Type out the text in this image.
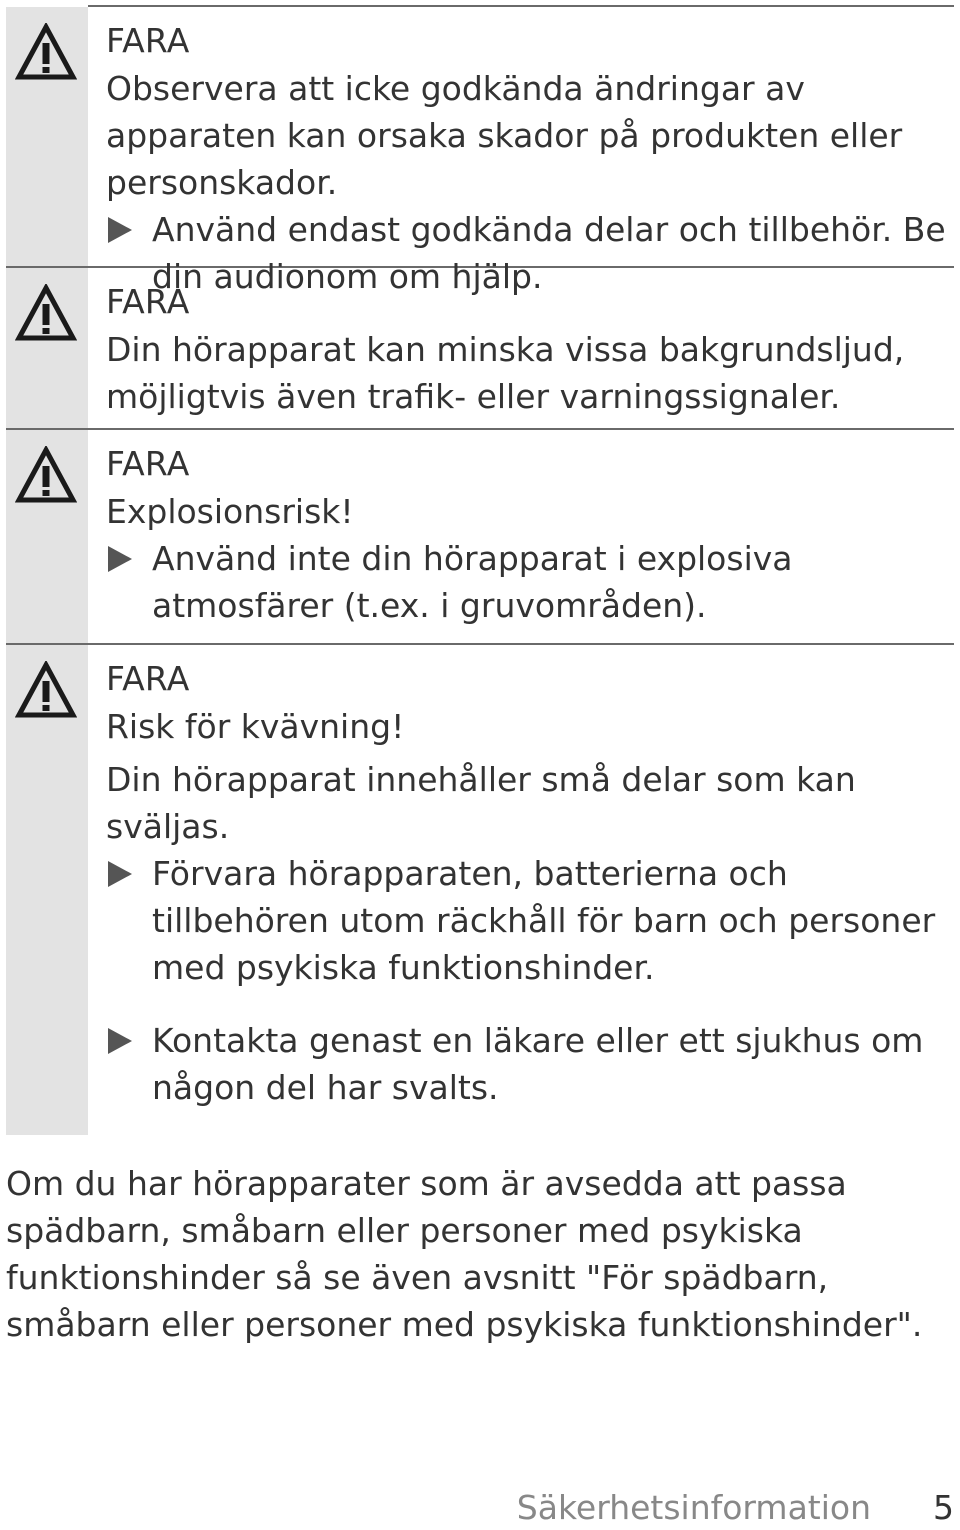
FARA
Observera att icke godkända ändringar av apparaten kan orsaka skador på produkten eller personskador.
Använd endast godkända delar och tillbehör. Be din audionom om hjälp.
FARA
Din hörapparat kan minska vissa bakgrundsljud, möjligtvis även trafik- eller varningssignaler.
FARA
Explosionsrisk!
Använd inte din hörapparat i explosiva atmosfärer (t.ex. i gruvområden).
FARA
Risk för kvävning!
Din hörapparat innehåller små delar som kan sväljas.
Förvara hörapparaten, batterierna och tillbehören utom räckhåll för barn och personer med psykiska funktionshinder.
Kontakta genast en läkare eller ett sjukhus om någon del har svalts.
Om du har hörapparater som är avsedda att passa spädbarn, småbarn eller personer med psykiska funktionshinder så se även avsnitt "För spädbarn, småbarn eller personer med psykiska funktionshinder".
Säkerhetsinformation 5
